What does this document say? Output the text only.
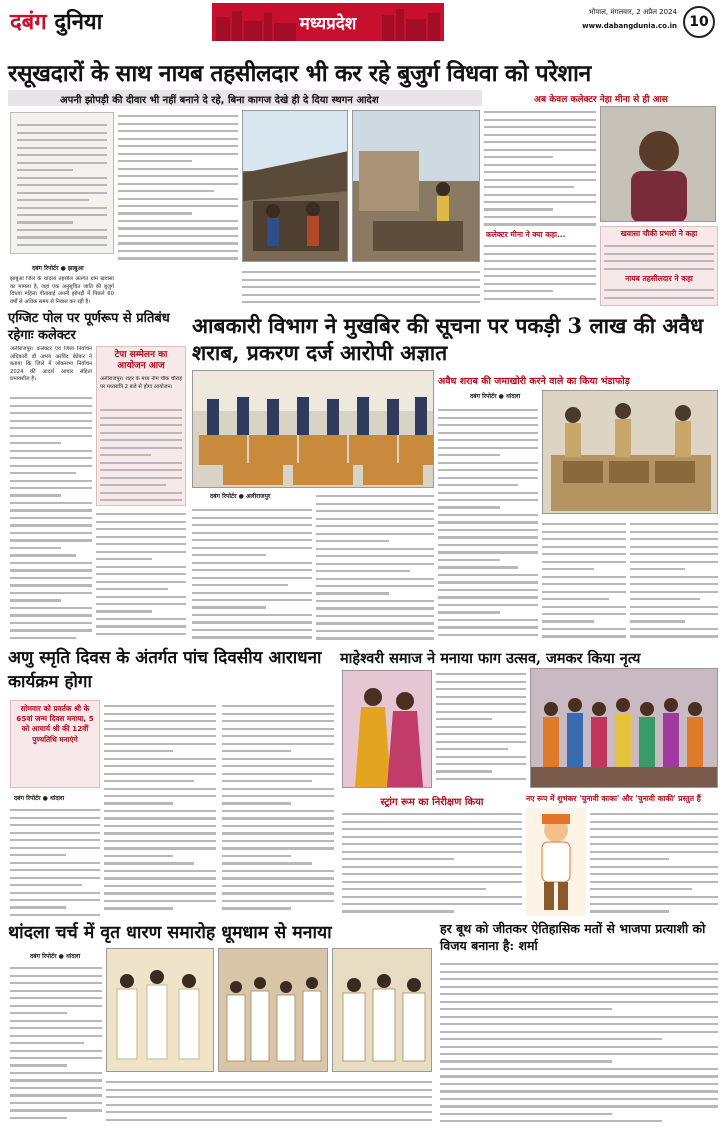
दबंग दुनिया	मध्यप्रदेश
भोपाल, मंगलवार, 2 अप्रैल 2024
www.dabangdunia.co.in 10
रसूखदारों के साथ नायब तहसीलदार भी कर रहे बुजुर्ग विधवा को परेशान
अपनी झोपड़ी की दीवार भी नहीं बनाने दे रहे, बिना कागज देखे ही दे दिया स्थगन आदेश	अब केवल कलेक्टर नेहा मीना से ही आस
दबंग रिपोर्टर ● झाबुआ
झाबुआ जिले के थांदला तहसील अंतर्गत ग्राम खवासा का मामला है, जहां एक अनुसूचित जाति की बुजुर्ग विधवा महिला गीताबाई अपनी झोपड़ी में पिछले 60 वर्षों से अधिक समय से निवास कर रही है।
कलेक्टर मीना ने क्या कहा...
एग्जिट पोल पर पूर्णरूप से प्रतिबंध रहेगाः कलेक्टर
अलीराजपुर। कलेक्टर एवं जिला निर्वाचन अधिकारी डॉ अभय अरविंद बेडेकर ने बताया कि जिले में लोकसभा निर्वाचन 2024 की आदर्श आचार संहिता प्रभावशील है।
टेपा सम्मेलन का आयोजन आज
अलीराजपुर। शहर के मध्य नीम चौक चौराहे पर मध्यरात्रि 2 बजे से होगा आयोजन।
आबकारी विभाग ने मुखबिर की सूचना पर पकड़ी 3 लाख की अवैध शराब, प्रकरण दर्ज आरोपी अज्ञात
दबंग रिपोर्टर ● अलीराजपुर
अवैध शराब की जमाखोरी करने वाले का किया भंडाफोड़
दबंग रिपोर्टर ● थांदला
अणु स्मृति दिवस के अंतर्गत पांच दिवसीय आराधना कार्यक्रम होगा
सोमवार को प्रवर्तक श्री के 65वां जन्म दिवस मनाया, 5 को आचार्य श्री की 12वीं पुण्यतिथि मनाएंगे
दबंग रिपोर्टर ● थांदला
माहेश्वरी समाज ने मनाया फाग उत्सव, जमकर किया नृत्य
स्ट्रांग रूम का निरीक्षण किया	नए रूप में शुभंकर 'चुनावी काका' और 'चुनावी काकी' प्रस्तुत हैं
थांदला चर्च में वृत धारण समारोह धूमधाम से मनाया
दबंग रिपोर्टर ● थांदला
हर बूथ को जीतकर ऐतिहासिक मतों से भाजपा प्रत्याशी को विजय बनाना है: शर्मा
खवासा चौकी प्रभारी ने कहा
नायब तहसीलदार ने कहा
